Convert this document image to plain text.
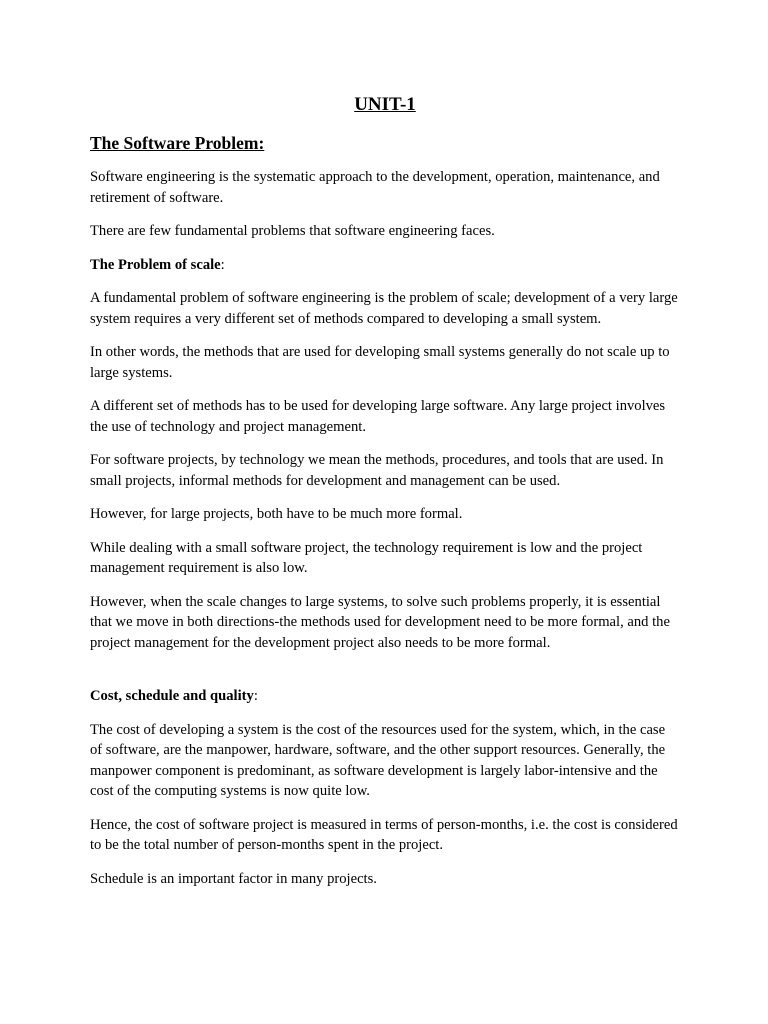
UNIT-1
The Software Problem:

Software engineering is the systematic approach to the development, operation, maintenance, and retirement of software.

There are few fundamental problems that software engineering faces.

The Problem of scale:

A fundamental problem of software engineering is the problem of scale; development of a very large system requires a very different set of methods compared to developing a small system.

In other words, the methods that are used for developing small systems generally do not scale up to large systems.

A different set of methods has to be used for developing large software. Any large project involves the use of technology and project management.

For software projects, by technology we mean the methods, procedures, and tools that are used. In small projects, informal methods for development and management can be used.

However, for large projects, both have to be much more formal.

While dealing with a small software project, the technology requirement is low and the project management requirement is also low.

However, when the scale changes to large systems, to solve such problems properly, it is essential that we move in both directions-the methods used for development need to be more formal, and the project management for the development project also needs to be more formal.

Cost, schedule and quality:

The cost of developing a system is the cost of the resources used for the system, which, in the case of software, are the manpower, hardware, software, and the other support resources. Generally, the manpower component is predominant, as software development is largely labor-intensive and the cost of the computing systems is now quite low.

Hence, the cost of software project is measured in terms of person-months, i.e. the cost is considered to be the total number of person-months spent in the project.

Schedule is an important factor in many projects.
